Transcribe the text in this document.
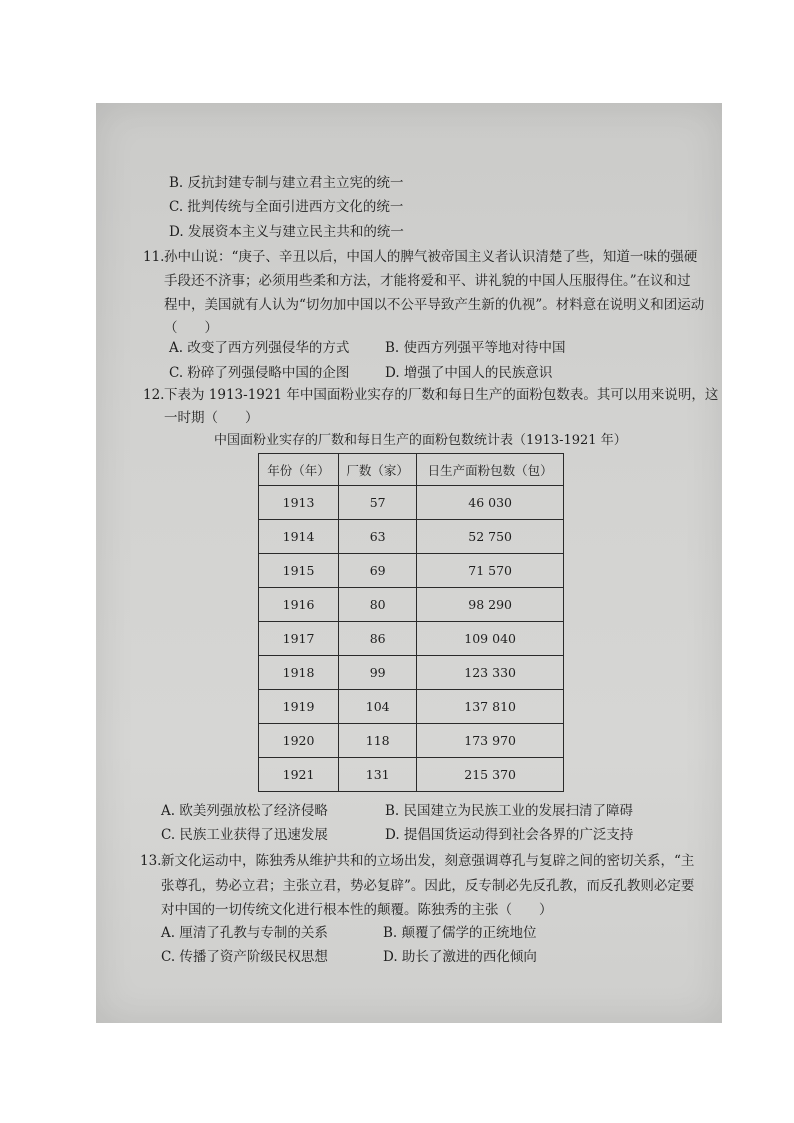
B. 反抗封建专制与建立君主立宪的统一
C. 批判传统与全面引进西方文化的统一
D. 发展资本主义与建立民主共和的统一
11.孙中山说：“庚子、辛丑以后，中国人的脾气被帝国主义者认识清楚了些，知道一味的强硬
手段还不济事；必须用些柔和方法，才能将爱和平、讲礼貌的中国人压服得住。”在议和过
程中，美国就有人认为“切勿加中国以不公平导致产生新的仇视”。材料意在说明义和团运动
（　　）
A. 改变了西方列强侵华的方式	B. 使西方列强平等地对待中国
C. 粉碎了列强侵略中国的企图	D. 增强了中国人的民族意识
12.下表为 1913-1921 年中国面粉业实存的厂数和每日生产的面粉包数表。其可以用来说明，这
一时期（　　）
中国面粉业实存的厂数和每日生产的面粉包数统计表（1913-1921 年）
年份（年）	厂数（家）	日生产面粉包数（包）
1913	57	46 030
1914	63	52 750
1915	69	71 570
1916	80	98 290
1917	86	109 040
1918	99	123 330
1919	104	137 810
1920	118	173 970
1921	131	215 370
A. 欧美列强放松了经济侵略	B. 民国建立为民族工业的发展扫清了障碍
C. 民族工业获得了迅速发展	D. 提倡国货运动得到社会各界的广泛支持
13.新文化运动中，陈独秀从维护共和的立场出发，刻意强调尊孔与复辟之间的密切关系，“主
张尊孔，势必立君；主张立君，势必复辟”。因此，反专制必先反孔教，而反孔教则必定要
对中国的一切传统文化进行根本性的颠覆。陈独秀的主张（　　）
A. 厘清了孔教与专制的关系	B. 颠覆了儒学的正统地位
C. 传播了资产阶级民权思想	D. 助长了激进的西化倾向
